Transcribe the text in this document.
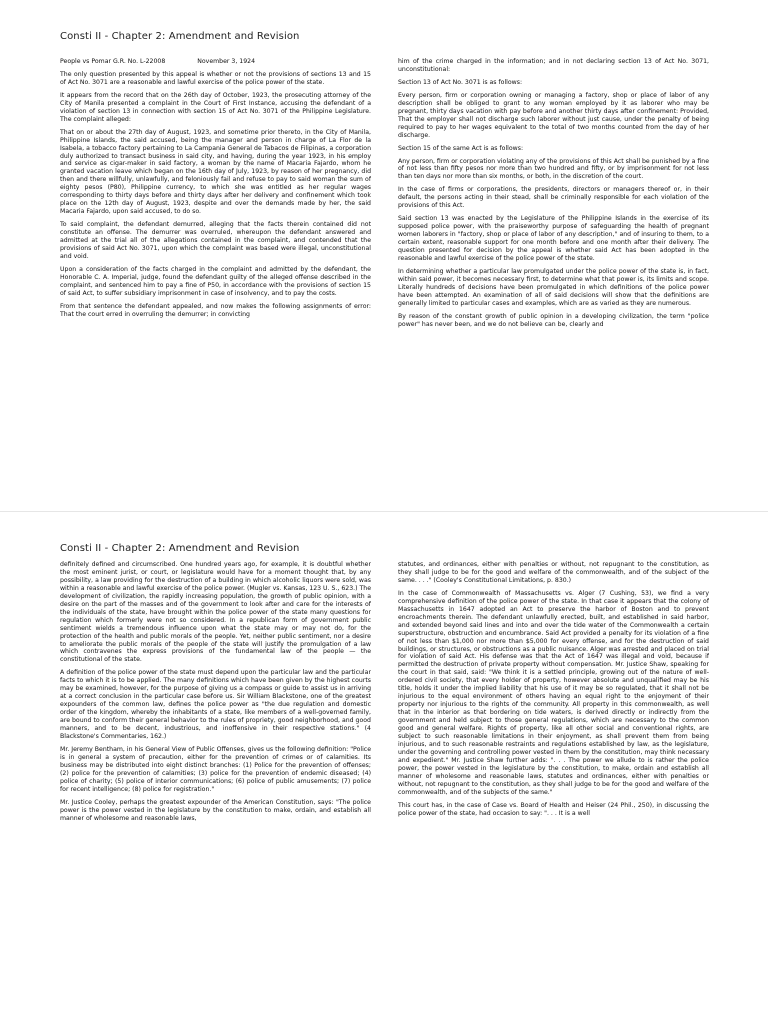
Consti II - Chapter 2: Amendment and Revision
People vs Pomar G.R. No. L-22008	November 3, 1924

The only question presented by this appeal is whether or not the provisions of sections 13 and 15 of Act No. 3071 are a reasonable and lawful exercise of the police power of the state.

It appears from the record that on the 26th day of October, 1923, the prosecuting attorney of the City of Manila presented a complaint in the Court of First Instance, accusing the defendant of a violation of section 13 in connection with section 15 of Act No. 3071 of the Philippine Legislature. The complaint alleged:

That on or about the 27th day of August, 1923, and sometime prior thereto, in the City of Manila, Philippine Islands, the said accused, being the manager and person in charge of La Flor de la Isabela, a tobacco factory pertaining to La Campania General de Tabacos de Filipinas, a corporation duly authorized to transact business in said city, and having, during the year 1923, in his employ and service as cigar-maker in said factory, a woman by the name of Macaria Fajardo, whom he granted vacation leave which began on the 16th day of July, 1923, by reason of her pregnancy, did then and there willfully, unlawfully, and feloniously fail and refuse to pay to said woman the sum of eighty pesos (P80), Philippine currency, to which she was entitled as her regular wages corresponding to thirty days before and thirty days after her delivery and confinement which took place on the 12th day of August, 1923, despite and over the demands made by her, the said Macaria Fajardo, upon said accused, to do so.

To said complaint, the defendant demurred, alleging that the facts therein contained did not constitute an offense. The demurrer was overruled, whereupon the defendant answered and admitted at the trial all of the allegations contained in the complaint, and contended that the provisions of said Act No. 3071, upon which the complaint was based were illegal, unconstitutional and void.

Upon a consideration of the facts charged in the complaint and admitted by the defendant, the Honorable C. A. Imperial, judge, found the defendant guilty of the alleged offense described in the complaint, and sentenced him to pay a fine of P50, in accordance with the provisions of section 15 of said Act, to suffer subsidiary imprisonment in case of insolvency, and to pay the costs.

From that sentence the defendant appealed, and now makes the following assignments of error: That the court erred in overruling the demurrer; in convicting

him of the crime charged in the information; and in not declaring section 13 of Act No. 3071, unconstitutional:

Section 13 of Act No. 3071 is as follows:

Every person, firm or corporation owning or managing a factory, shop or place of labor of any description shall be obliged to grant to any woman employed by it as laborer who may be pregnant, thirty days vacation with pay before and another thirty days after confinement: Provided, That the employer shall not discharge such laborer without just cause, under the penalty of being required to pay to her wages equivalent to the total of two months counted from the day of her discharge.

Section 15 of the same Act is as follows:

Any person, firm or corporation violating any of the provisions of this Act shall be punished by a fine of not less than fifty pesos nor more than two hundred and fifty, or by imprisonment for not less than ten days nor more than six months, or both, in the discretion of the court.

In the case of firms or corporations, the presidents, directors or managers thereof or, in their default, the persons acting in their stead, shall be criminally responsible for each violation of the provisions of this Act.

Said section 13 was enacted by the Legislature of the Philippine Islands in the exercise of its supposed police power, with the praiseworthy purpose of safeguarding the health of pregnant women laborers in "factory, shop or place of labor of any description," and of insuring to them, to a certain extent, reasonable support for one month before and one month after their delivery. The question presented for decision by the appeal is whether said Act has been adopted in the reasonable and lawful exercise of the police power of the state.

In determining whether a particular law promulgated under the police power of the state is, in fact, within said power, it becomes necessary first, to determine what that power is, its limits and scope. Literally hundreds of decisions have been promulgated in which definitions of the police power have been attempted. An examination of all of said decisions will show that the definitions are generally limited to particular cases and examples, which are as varied as they are numerous.

By reason of the constant growth of public opinion in a developing civilization, the term "police power" has never been, and we do not believe can be, clearly and

Consti II - Chapter 2: Amendment and Revision

definitely defined and circumscribed. One hundred years ago, for example, it is doubtful whether the most eminent jurist, or court, or legislature would have for a moment thought that, by any possibility, a law providing for the destruction of a building in which alcoholic liquors were sold, was within a reasonable and lawful exercise of the police power. (Mugler vs. Kansas, 123 U. S., 623.) The development of civilization, the rapidly increasing population, the growth of public opinion, with a desire on the part of the masses and of the government to look after and care for the interests of the individuals of the state, have brought within the police power of the state many questions for regulation which formerly were not so considered. In a republican form of government public sentiment wields a tremendous influence upon what the state may or may not do, for the protection of the health and public morals of the people. Yet, neither public sentiment, nor a desire to ameliorate the public morals of the people of the state will justify the promulgation of a law which contravenes the express provisions of the fundamental law of the people — the constitutional of the state.

A definition of the police power of the state must depend upon the particular law and the particular facts to which it is to be applied. The many definitions which have been given by the highest courts may be examined, however, for the purpose of giving us a compass or guide to assist us in arriving at a correct conclusion in the particular case before us. Sir William Blackstone, one of the greatest expounders of the common law, defines the police power as "the due regulation and domestic order of the kingdom, whereby the inhabitants of a state, like members of a well-governed family, are bound to conform their general behavior to the rules of propriety, good neighborhood, and good manners, and to be decent, industrious, and inoffensive in their respective stations." (4 Blackstone's Commentaries, 162.)

Mr. Jeremy Bentham, in his General View of Public Offenses, gives us the following definition: "Police is in general a system of precaution, either for the prevention of crimes or of calamities. Its business may be distributed into eight distinct branches: (1) Police for the prevention of offenses; (2) police for the prevention of calamities; (3) police for the prevention of endemic diseased; (4) police of charity; (5) police of interior communications; (6) police of public amusements; (7) police for recent intelligence; (8) police for registration."

Mr. Justice Cooley, perhaps the greatest expounder of the American Constitution, says: "The police power is the power vested in the legislature by the constitution to make, ordain, and establish all manner of wholesome and reasonable laws,

statutes, and ordinances, either with penalties or without, not repugnant to the constitution, as they shall judge to be for the good and welfare of the commonwealth, and of the subject of the same. . . ." (Cooley's Constitutional Limitations, p. 830.)

In the case of Commonwealth of Massachusetts vs. Alger (7 Cushing, 53), we find a very comprehensive definition of the police power of the state. In that case it appears that the colony of Massachusetts in 1647 adopted an Act to preserve the harbor of Boston and to prevent encroachments therein. The defendant unlawfully erected, built, and established in said harbor, and extended beyond said lines and into and over the tide water of the Commonwealth a certain superstructure, obstruction and encumbrance. Said Act provided a penalty for its violation of a fine of not less than $1,000 nor more than $5,000 for every offense, and for the destruction of said buildings, or structures, or obstructions as a public nuisance. Alger was arrested and placed on trial for violation of said Act. His defense was that the Act of 1647 was illegal and void, because if permitted the destruction of private property without compensation. Mr. Justice Shaw, speaking for the court in that said, said: "We think it is a settled principle, growing out of the nature of well-ordered civil society, that every holder of property, however absolute and unqualified may be his title, holds it under the implied liability that his use of it may be so regulated, that it shall not be injurious to the equal environment of others having an equal right to the enjoyment of their property nor injurious to the rights of the community. All property in this commonwealth, as well that in the interior as that bordering on tide waters, is derived directly or indirectly from the government and held subject to those general regulations, which are necessary to the common good and general welfare. Rights of property, like all other social and conventional rights, are subject to such reasonable limitations in their enjoyment, as shall prevent them from being injurious, and to such reasonable restraints and regulations established by law, as the legislature, under the governing and controlling power vested in them by the constitution, may think necessary and expedient." Mr. Justice Shaw further adds: ". . . The power we allude to is rather the police power, the power vested in the legislature by the constitution, to make, ordain and establish all manner of wholesome and reasonable laws, statutes and ordinances, either with penalties or without, not repugnant to the constitution, as they shall judge to be for the good and welfare of the commonwealth, and of the subjects of the same."

This court has, in the case of Case vs. Board of Health and Heiser (24 Phil., 250), in discussing the police power of the state, had occasion to say: ". . . It is a well
